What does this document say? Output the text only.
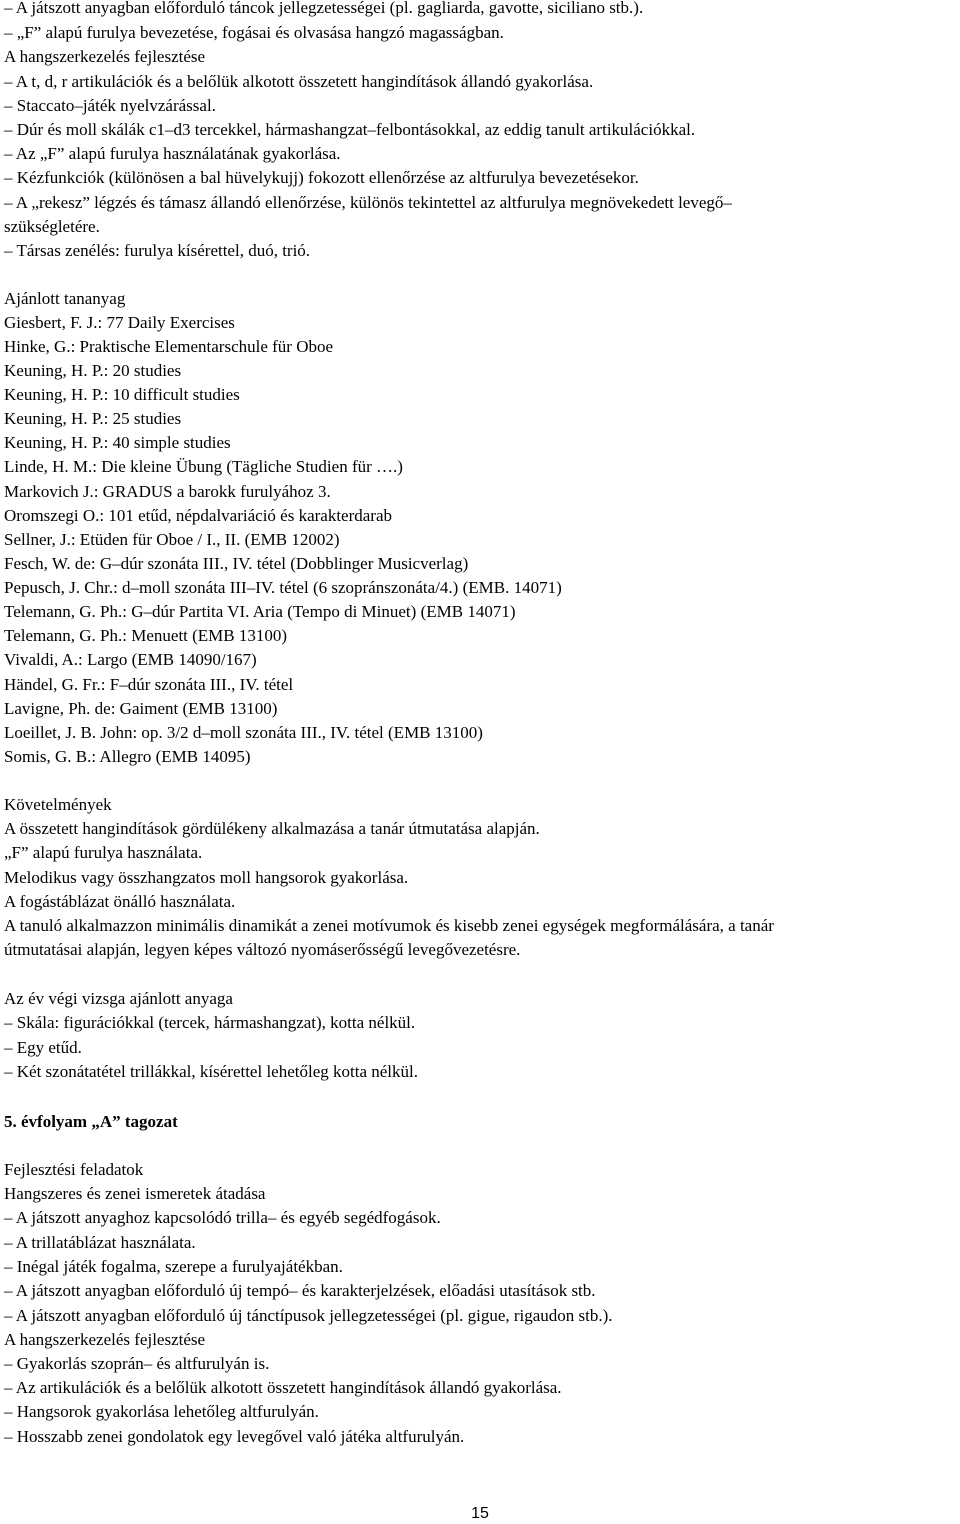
– A játszott anyagban előforduló táncok jellegzetességei (pl. gagliarda, gavotte, siciliano stb.).
– „F” alapú furulya bevezetése, fogásai és olvasása hangzó magasságban.
A hangszerkezelés fejlesztése
– A t, d, r artikulációk és a belőlük alkotott összetett hangindítások állandó gyakorlása.
– Staccato–játék nyelvzárással.
– Dúr és moll skálák c1–d3 tercekkel, hármashangzat–felbontásokkal, az eddig tanult artikulációkkal.
– Az „F” alapú furulya használatának gyakorlása.
– Kézfunkciók (különösen a bal hüvelykujj) fokozott ellenőrzése az altfurulya bevezetésekor.
– A „rekesz” légzés és támasz állandó ellenőrzése, különös tekintettel az altfurulya megnövekedett levegő–
szükségletére.
– Társas zenélés: furulya kísérettel, duó, trió.
Ajánlott tananyag
Giesbert, F. J.: 77 Daily Exercises
Hinke, G.: Praktische Elementarschule für Oboe
Keuning, H. P.: 20 studies
Keuning, H. P.: 10 difficult studies
Keuning, H. P.: 25 studies
Keuning, H. P.: 40 simple studies
Linde, H. M.: Die kleine Übung (Tägliche Studien für ….)
Markovich J.: GRADUS a barokk furulyához 3.
Oromszegi O.: 101 etűd, népdalvariáció és karakterdarab
Sellner, J.: Etüden für Oboe / I., II. (EMB 12002)
Fesch, W. de: G–dúr szonáta III., IV. tétel (Dobblinger Musicverlag)
Pepusch, J. Chr.: d–moll szonáta III–IV. tétel (6 szopránszonáta/4.) (EMB. 14071)
Telemann, G. Ph.: G–dúr Partita VI. Aria (Tempo di Minuet) (EMB 14071)
Telemann, G. Ph.: Menuett (EMB 13100)
Vivaldi, A.: Largo (EMB 14090/167)
Händel, G. Fr.: F–dúr szonáta III., IV. tétel
Lavigne, Ph. de: Gaiment (EMB 13100)
Loeillet, J. B. John: op. 3/2 d–moll szonáta III., IV. tétel (EMB 13100)
Somis, G. B.: Allegro (EMB 14095)
Követelmények
A összetett hangindítások gördülékeny alkalmazása a tanár útmutatása alapján.
„F” alapú furulya használata.
Melodikus vagy összhangzatos moll hangsorok gyakorlása.
A fogástáblázat önálló használata.
A tanuló alkalmazzon minimális dinamikát a zenei motívumok és kisebb zenei egységek megformálására, a tanár
útmutatásai alapján, legyen képes változó nyomáserősségű levegővezetésre.
Az év végi vizsga ajánlott anyaga
– Skála: figurációkkal (tercek, hármashangzat), kotta nélkül.
– Egy etűd.
– Két szonátatétel trillákkal, kísérettel lehetőleg kotta nélkül.
5. évfolyam „A” tagozat
Fejlesztési feladatok
Hangszeres és zenei ismeretek átadása
– A játszott anyaghoz kapcsolódó trilla– és egyéb segédfogások.
– A trillatáblázat használata.
– Inégal játék fogalma, szerepe a furulyajátékban.
– A játszott anyagban előforduló új tempó– és karakterjelzések, előadási utasítások stb.
– A játszott anyagban előforduló új tánctípusok jellegzetességei (pl. gigue, rigaudon stb.).
A hangszerkezelés fejlesztése
– Gyakorlás szoprán– és altfurulyán is.
– Az artikulációk és a belőlük alkotott összetett hangindítások állandó gyakorlása.
– Hangsorok gyakorlása lehetőleg altfurulyán.
– Hosszabb zenei gondolatok egy levegővel való játéka altfurulyán.
15
